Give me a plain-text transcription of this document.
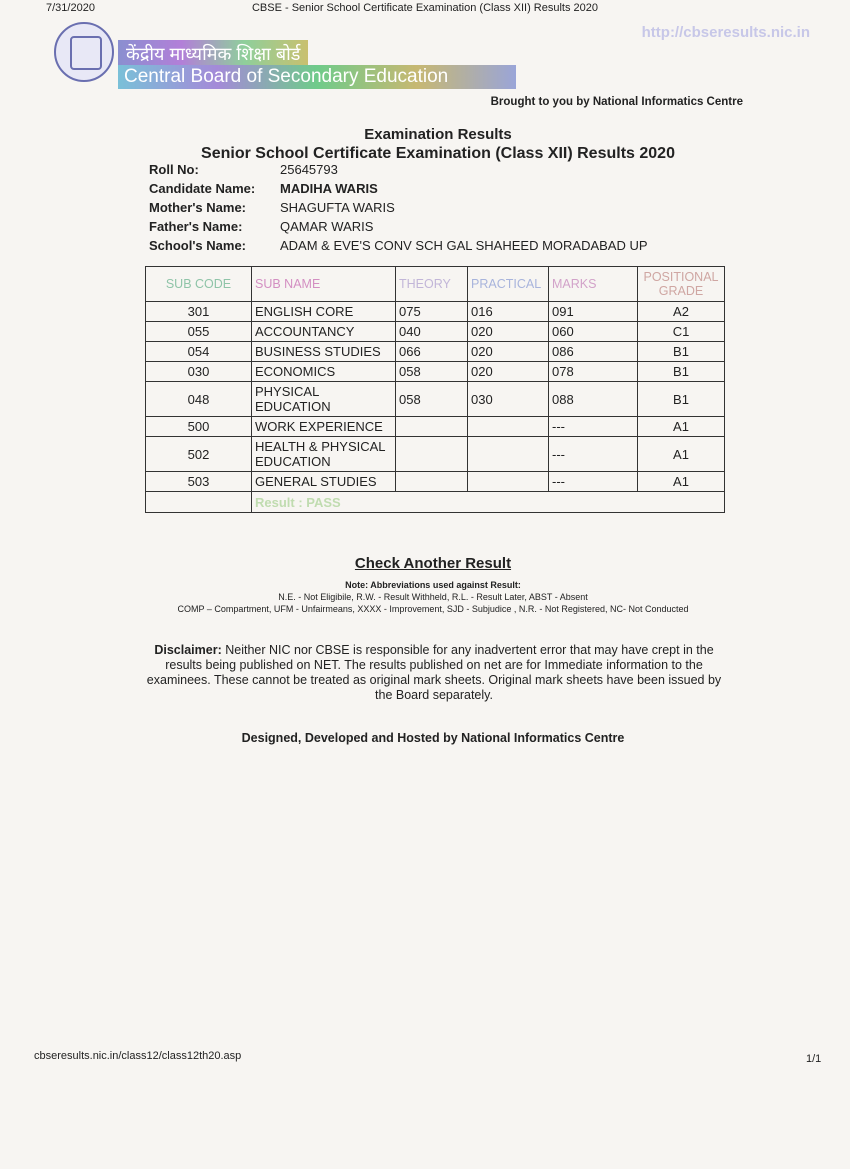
7/31/2020	CBSE - Senior School Certificate Examination (Class XII) Results 2020
http://cbseresults.nic.in
केंद्रीय माध्यमिक शिक्षा बोर्ड
Central Board of Secondary Education
Brought to you by National Informatics Centre
Examination Results
Senior School Certificate Examination (Class XII) Results 2020
Roll No:	25645793
Candidate Name:	MADIHA WARIS
Mother's Name:	SHAGUFTA WARIS
Father's Name:	QAMAR WARIS
School's Name:	ADAM & EVE'S CONV SCH GAL SHAHEED MORADABAD UP
SUB CODE	SUB NAME	THEORY	PRACTICAL	MARKS	POSITIONAL GRADE
301	ENGLISH CORE	075	016	091	A2
055	ACCOUNTANCY	040	020	060	C1
054	BUSINESS STUDIES	066	020	086	B1
030	ECONOMICS	058	020	078	B1
048	PHYSICAL EDUCATION	058	030	088	B1
500	WORK EXPERIENCE			---	A1
502	HEALTH & PHYSICAL EDUCATION			---	A1
503	GENERAL STUDIES			---	A1
	Result : PASS				
Check Another Result
Note: Abbreviations used against Result:
N.E. - Not Eligibile, R.W. - Result Withheld, R.L. - Result Later, ABST - Absent
COMP – Compartment, UFM - Unfairmeans, XXXX - Improvement, SJD - Subjudice , N.R. - Not Registered, NC- Not Conducted
Disclaimer: Neither NIC nor CBSE is responsible for any inadvertent error that may have crept in the results being published on NET. The results published on net are for Immediate information to the examinees. These cannot be treated as original mark sheets. Original mark sheets have been issued by the Board separately.
Designed, Developed and Hosted by National Informatics Centre
cbseresults.nic.in/class12/class12th20.asp	1/1
